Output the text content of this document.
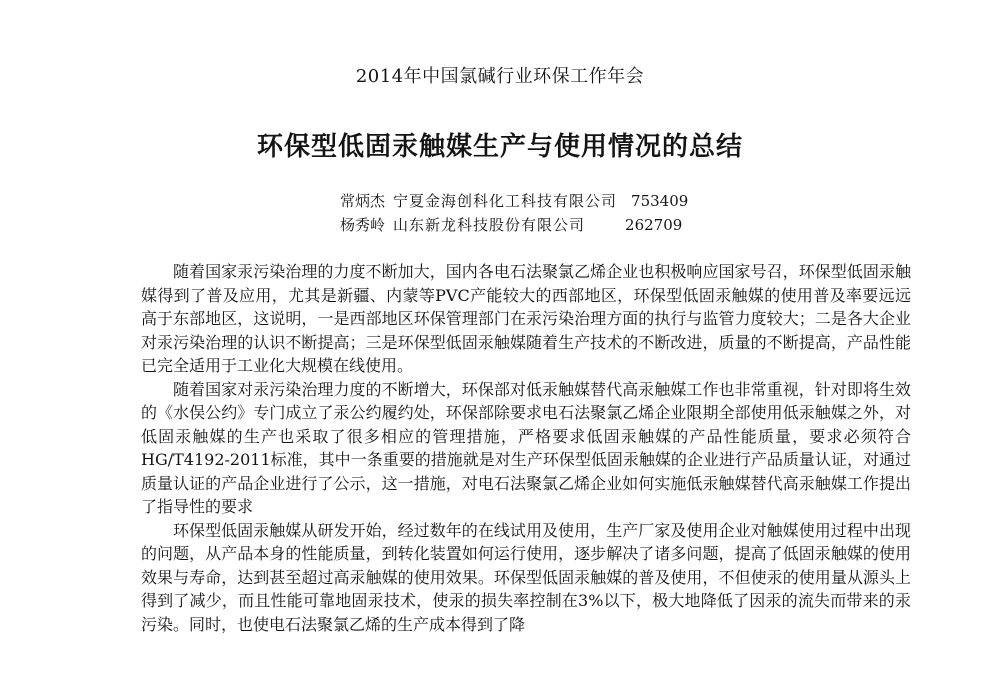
2014年中国氯碱行业环保工作年会
环保型低固汞触媒生产与使用情况的总结
常炳杰 宁夏金海创科化工科技有限公司 753409
杨秀岭 山东新龙科技股份有限公司	262709

随着国家汞污染治理的力度不断加大，国内各电石法聚氯乙烯企业也积极响应国家号召，环保型低固汞触媒得到了普及应用，尤其是新疆、内蒙等PVC产能较大的西部地区，环保型低固汞触媒的使用普及率要远远高于东部地区，这说明，一是西部地区环保管理部门在汞污染治理方面的执行与监管力度较大；二是各大企业对汞污染治理的认识不断提高；三是环保型低固汞触媒随着生产技术的不断改进，质量的不断提高，产品性能已完全适用于工业化大规模在线使用。

随着国家对汞污染治理力度的不断增大，环保部对低汞触媒替代高汞触媒工作也非常重视，针对即将生效的《水俣公约》专门成立了汞公约履约处，环保部除要求电石法聚氯乙烯企业限期全部使用低汞触媒之外，对低固汞触媒的生产也采取了很多相应的管理措施，严格要求低固汞触媒的产品性能质量，要求必须符合HG/T4192-2011标准，其中一条重要的措施就是对生产环保型低固汞触媒的企业进行产品质量认证，对通过质量认证的产品企业进行了公示，这一措施，对电石法聚氯乙烯企业如何实施低汞触媒替代高汞触媒工作提出了指导性的要求

环保型低固汞触媒从研发开始，经过数年的在线试用及使用，生产厂家及使用企业对触媒使用过程中出现的问题，从产品本身的性能质量，到转化装置如何运行使用，逐步解决了诸多问题，提高了低固汞触媒的使用效果与寿命，达到甚至超过高汞触媒的使用效果。环保型低固汞触媒的普及使用，不但使汞的使用量从源头上得到了减少，而且性能可靠地固汞技术，使汞的损失率控制在3%以下，极大地降低了因汞的流失而带来的汞污染。同时，也使电石法聚氯乙烯的生产成本得到了降
